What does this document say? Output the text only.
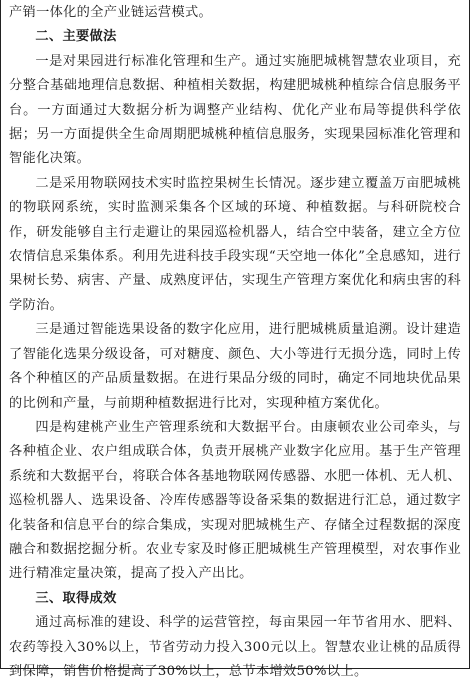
产销一体化的全产业链运营模式。

二、主要做法

一是对果园进行标准化管理和生产。通过实施肥城桃智慧农业项目，充分整合基础地理信息数据、种植相关数据，构建肥城桃种植综合信息服务平台。一方面通过大数据分析为调整产业结构、优化产业布局等提供科学依据；另一方面提供全生命周期肥城桃种植信息服务，实现果园标准化管理和智能化决策。

二是采用物联网技术实时监控果树生长情况。逐步建立覆盖万亩肥城桃的物联网系统，实时监测采集各个区域的环境、种植数据。与科研院校合作，研发能够自主行走避让的果园巡检机器人，结合空中装备，建立全方位农情信息采集体系。利用先进科技手段实现“天空地一体化”全息感知，进行果树长势、病害、产量、成熟度评估，实现生产管理方案优化和病虫害的科学防治。

三是通过智能选果设备的数字化应用，进行肥城桃质量追溯。设计建造了智能化选果分级设备，可对糖度、颜色、大小等进行无损分选，同时上传各个种植区的产品质量数据。在进行果品分级的同时，确定不同地块优品果的比例和产量，与前期种植数据进行比对，实现种植方案优化。

四是构建桃产业生产管理系统和大数据平台。由康顿农业公司牵头，与各种植企业、农户组成联合体，负责开展桃产业数字化应用。基于生产管理系统和大数据平台，将联合体各基地物联网传感器、水肥一体机、无人机、巡检机器人、选果设备、冷库传感器等设备采集的数据进行汇总，通过数字化装备和信息平台的综合集成，实现对肥城桃生产、存储全过程数据的深度融合和数据挖掘分析。农业专家及时修正肥城桃生产管理模型，对农事作业进行精准定量决策，提高了投入产出比。

三、取得成效

通过高标准的建设、科学的运营管控，每亩果园一年节省用水、肥料、农药等投入30%以上，节省劳动力投入300元以上。智慧农业让桃的品质得到保障，销售价格提高了30%以上，总节本增效50%以上。
